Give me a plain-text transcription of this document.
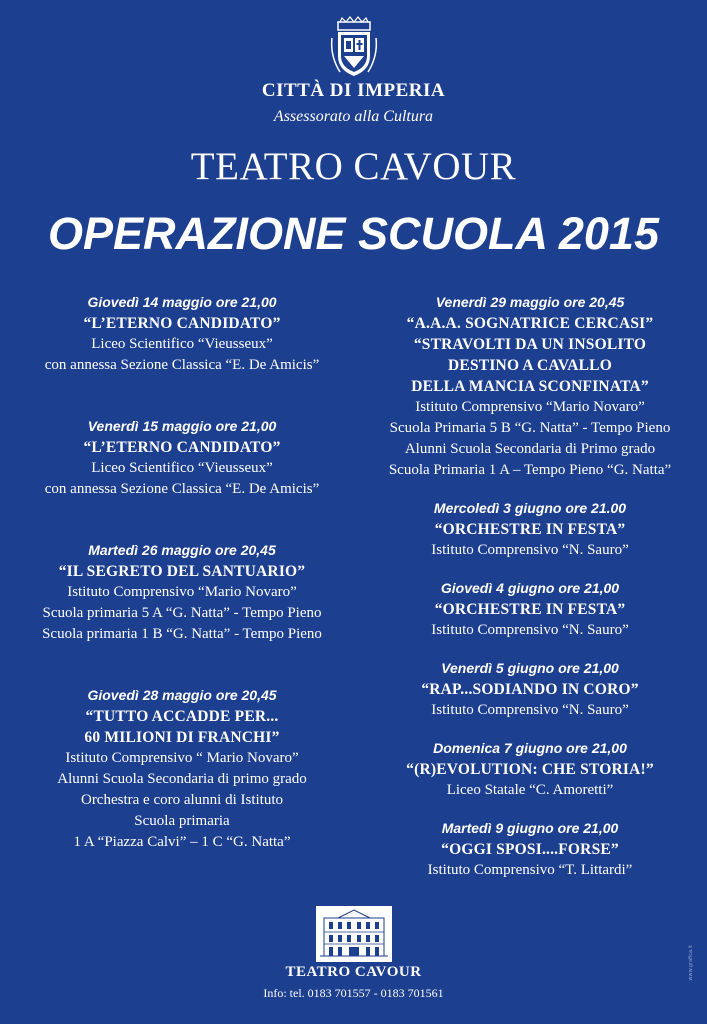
CITTÀ DI IMPERIA
Assessorato alla Cultura
TEATRO CAVOUR
OPERAZIONE SCUOLA 2015
Giovedì 14 maggio ore 21,00
“L’ETERNO CANDIDATO”
Liceo Scientifico “Vieusseux”
con annessa Sezione Classica “E. De Amicis”
Venerdì 15 maggio ore 21,00
“L’ETERNO CANDIDATO”
Liceo Scientifico “Vieusseux”
con annessa Sezione Classica “E. De Amicis”
Martedì 26 maggio ore 20,45
“IL SEGRETO DEL SANTUARIO”
Istituto Comprensivo “Mario Novaro”
Scuola primaria 5 A “G. Natta” - Tempo Pieno
Scuola primaria 1 B “G. Natta” - Tempo Pieno
Giovedì 28 maggio ore 20,45
“TUTTO ACCADDE PER...
60 MILIONI DI FRANCHI”
Istituto Comprensivo “ Mario Novaro”
Alunni Scuola Secondaria di primo grado
Orchestra e coro alunni di Istituto
Scuola primaria
1 A “Piazza Calvi” – 1 C “G. Natta”
Venerdì 29 maggio ore 20,45
“A.A.A. SOGNATRICE CERCASI”
“STRAVOLTI DA UN INSOLITO
DESTINO A CAVALLO
DELLA MANCIA SCONFINATA”
Istituto Comprensivo “Mario Novaro”
Scuola Primaria 5 B “G. Natta” - Tempo Pieno
Alunni Scuola Secondaria di Primo grado
Scuola Primaria 1 A – Tempo Pieno “G. Natta”
Mercoledì 3 giugno ore 21.00
“ORCHESTRE IN FESTA”
Istituto Comprensivo “N. Sauro”
Giovedì 4 giugno ore 21,00
“ORCHESTRE IN FESTA”
Istituto Comprensivo “N. Sauro”
Venerdì 5 giugno ore 21,00
“RAP...SODIANDO IN CORO”
Istituto Comprensivo “N. Sauro”
Domenica 7 giugno ore 21,00
“(R)EVOLUTION: CHE STORIA!”
Liceo Statale “C. Amoretti”
Martedì 9 giugno ore 21,00
“OGGI SPOSI....FORSE”
Istituto Comprensivo “T. Littardi”
TEATRO CAVOUR
Info: tel. 0183 701557 - 0183 701561
www.grafica.it
